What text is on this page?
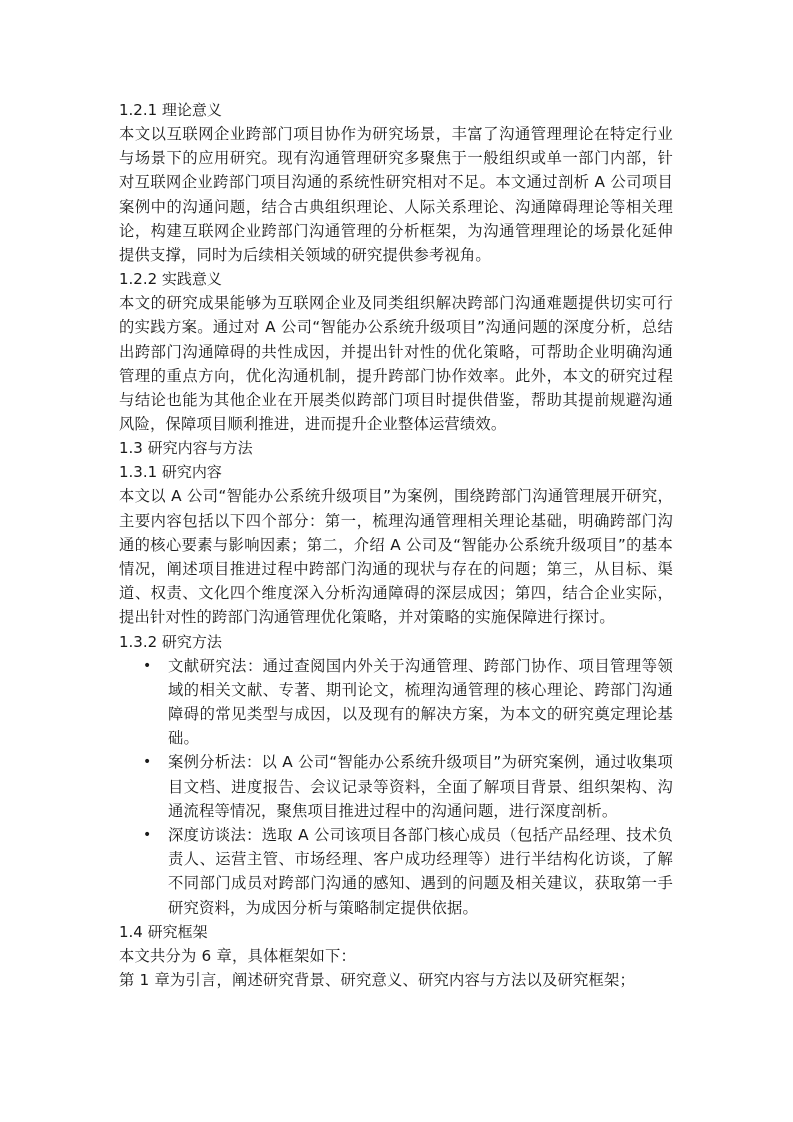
1.2.1 理论意义
本文以互联网企业跨部门项目协作为研究场景，丰富了沟通管理理论在特定行业与场景下的应用研究。现有沟通管理研究多聚焦于一般组织或单一部门内部，针对互联网企业跨部门项目沟通的系统性研究相对不足。本文通过剖析 A 公司项目案例中的沟通问题，结合古典组织理论、人际关系理论、沟通障碍理论等相关理论，构建互联网企业跨部门沟通管理的分析框架，为沟通管理理论的场景化延伸提供支撑，同时为后续相关领域的研究提供参考视角。
1.2.2 实践意义
本文的研究成果能够为互联网企业及同类组织解决跨部门沟通难题提供切实可行的实践方案。通过对 A 公司“智能办公系统升级项目”沟通问题的深度分析，总结出跨部门沟通障碍的共性成因，并提出针对性的优化策略，可帮助企业明确沟通管理的重点方向，优化沟通机制，提升跨部门协作效率。此外，本文的研究过程与结论也能为其他企业在开展类似跨部门项目时提供借鉴，帮助其提前规避沟通风险，保障项目顺利推进，进而提升企业整体运营绩效。
1.3 研究内容与方法
1.3.1 研究内容
本文以 A 公司“智能办公系统升级项目”为案例，围绕跨部门沟通管理展开研究，主要内容包括以下四个部分：第一，梳理沟通管理相关理论基础，明确跨部门沟通的核心要素与影响因素；第二，介绍 A 公司及“智能办公系统升级项目”的基本情况，阐述项目推进过程中跨部门沟通的现状与存在的问题；第三，从目标、渠道、权责、文化四个维度深入分析沟通障碍的深层成因；第四，结合企业实际，提出针对性的跨部门沟通管理优化策略，并对策略的实施保障进行探讨。
1.3.2 研究方法
• 文献研究法：通过查阅国内外关于沟通管理、跨部门协作、项目管理等领域的相关文献、专著、期刊论文，梳理沟通管理的核心理论、跨部门沟通障碍的常见类型与成因，以及现有的解决方案，为本文的研究奠定理论基础。
• 案例分析法：以 A 公司“智能办公系统升级项目”为研究案例，通过收集项目文档、进度报告、会议记录等资料，全面了解项目背景、组织架构、沟通流程等情况，聚焦项目推进过程中的沟通问题，进行深度剖析。
• 深度访谈法：选取 A 公司该项目各部门核心成员（包括产品经理、技术负责人、运营主管、市场经理、客户成功经理等）进行半结构化访谈，了解不同部门成员对跨部门沟通的感知、遇到的问题及相关建议，获取第一手研究资料，为成因分析与策略制定提供依据。
1.4 研究框架
本文共分为 6 章，具体框架如下：
第 1 章为引言，阐述研究背景、研究意义、研究内容与方法以及研究框架；
